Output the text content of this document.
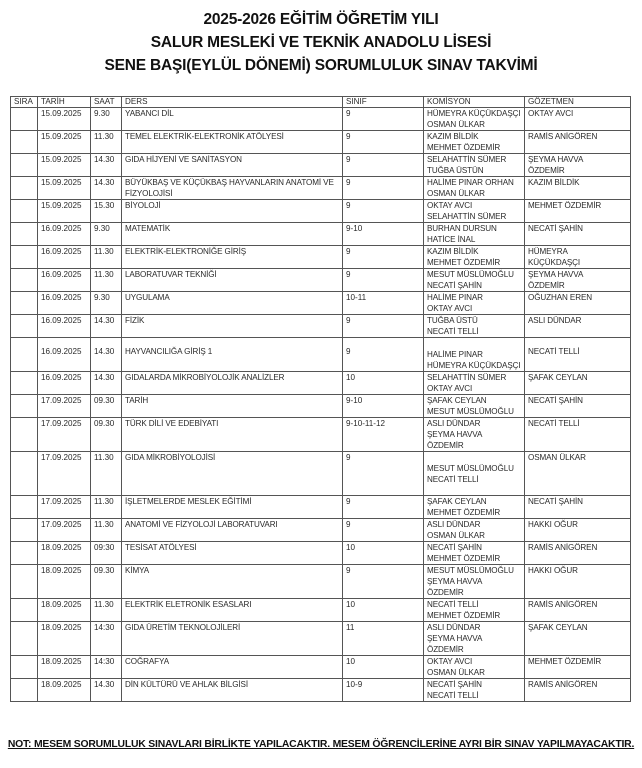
2025-2026 EĞİTİM ÖĞRETİM YILI
SALUR MESLEKİ VE TEKNİK ANADOLU LİSESİ
SENE BAŞI(EYLÜL DÖNEMİ) SORUMLULUK SINAV TAKVİMİ
SIRA	TARİH	SAAT	DERS	SINIF	KOMİSYON	GÖZETMEN
	15.09.2025	9.30	YABANCI DİL	9	HÜMEYRA KÜÇÜKDAŞÇI
OSMAN ÜLKAR	OKTAY AVCI

	15.09.2025	11.30	TEMEL ELEKTRİK-ELEKTRONİK ATÖLYESİ	9	KAZIM BİLDİK
MEHMET ÖZDEMİR	RAMİS ANİGÖREN

	15.09.2025	14.30	GIDA HİJYENİ VE SANİTASYON	9	SELAHATTİN SÜMER
TUĞBA ÜSTÜN	ŞEYMA HAVVA
ÖZDEMİR

	15.09.2025	14.30	BÜYÜKBAŞ VE KÜÇÜKBAŞ HAYVANLARIN ANATOMİ VE FİZYOLOJİSİ	9	HALİME PINAR ORHAN
OSMAN ÜLKAR	KAZIM BİLDİK

	15.09.2025	15.30	BİYOLOJİ	9	OKTAY AVCI
SELAHATTİN SÜMER	MEHMET ÖZDEMİR

	16.09.2025	9.30	MATEMATİK	9-10	BURHAN DURSUN
HATİCE İNAL	NECATİ ŞAHİN

	16.09.2025	11.30	ELEKTRİK-ELEKTRONİĞE GİRİŞ	9	KAZIM BİLDİK
MEHMET ÖZDEMİR	HÜMEYRA
KÜÇÜKDAŞÇI

	16.09.2025	11.30	LABORATUVAR TEKNİĞİ	9	MESUT MÜSLÜMOĞLU
NECATİ ŞAHİN	ŞEYMA HAVVA
ÖZDEMİR

	16.09.2025	9.30	UYGULAMA	10-11	HALİME PINAR
OKTAY AVCI	OĞUZHAN EREN

	16.09.2025	14.30	FİZİK	9	TUĞBA ÜSTÜ
NECATİ TELLİ	ASLI DÜNDAR

	16.09.2025	14.30	HAYVANCILIĞA GİRİŞ 1	9	HALİME PINAR
HÜMEYRA KÜÇÜKDAŞÇI	NECATİ TELLİ

	16.09.2025	14.30	GIDALARDA MİKROBİYOLOJİK ANALİZLER	10	SELAHATTİN SÜMER
OKTAY AVCI	ŞAFAK CEYLAN

	17.09.2025	09.30	TARİH	9-10	ŞAFAK CEYLAN
MESUT MÜSLÜMOĞLU	NECATİ ŞAHİN

	17.09.2025	09.30	TÜRK DİLİ VE EDEBİYATI	9-10-11-12	ASLI DÜNDAR
ŞEYMA HAVVA
ÖZDEMİR	NECATİ TELLİ

	17.09.2025	11.30	GIDA MİKROBİYOLOJİSİ	9	MESUT MÜSLÜMOĞLU
NECATİ TELLİ	OSMAN ÜLKAR

	17.09.2025	11.30	İŞLETMELERDE MESLEK EĞİTİMİ	9	ŞAFAK CEYLAN
MEHMET ÖZDEMİR	NECATİ ŞAHİN

	17.09.2025	11.30	ANATOMİ VE FİZYOLOJİ LABORATUVARI	9	ASLI DÜNDAR
OSMAN ÜLKAR	HAKKI OĞUR

	18.09.2025	09:30	TESİSAT ATÖLYESİ	10	NECATİ ŞAHİN
MEHMET ÖZDEMİR	RAMİS ANİGÖREN

	18.09.2025	09.30	KİMYA	9	MESUT MÜSLÜMOĞLU
ŞEYMA HAVVA
ÖZDEMİR	HAKKI OĞUR

	18.09.2025	11.30	ELEKTRİK ELETRONİK ESASLARI	10	NECATİ TELLİ
MEHMET ÖZDEMİR	RAMİS ANİGÖREN

	18.09.2025	14:30	GIDA ÜRETİM TEKNOLOJİLERİ	11	ASLI DÜNDAR
ŞEYMA HAVVA
ÖZDEMİR	ŞAFAK CEYLAN

	18.09.2025	14:30	COĞRAFYA	10	OKTAY AVCI
OSMAN ÜLKAR	MEHMET ÖZDEMİR

	18.09.2025	14.30	DİN KÜLTÜRÜ VE AHLAK BİLGİSİ	10-9	NECATİ ŞAHİN
NECATİ TELLİ	RAMİS ANİGÖREN
NOT: MESEM SORUMLULUK SINAVLARI BİRLİKTE YAPILACAKTIR. MESEM ÖĞRENCİLERİNE AYRI BİR SINAV YAPILMAYACAKTIR.
